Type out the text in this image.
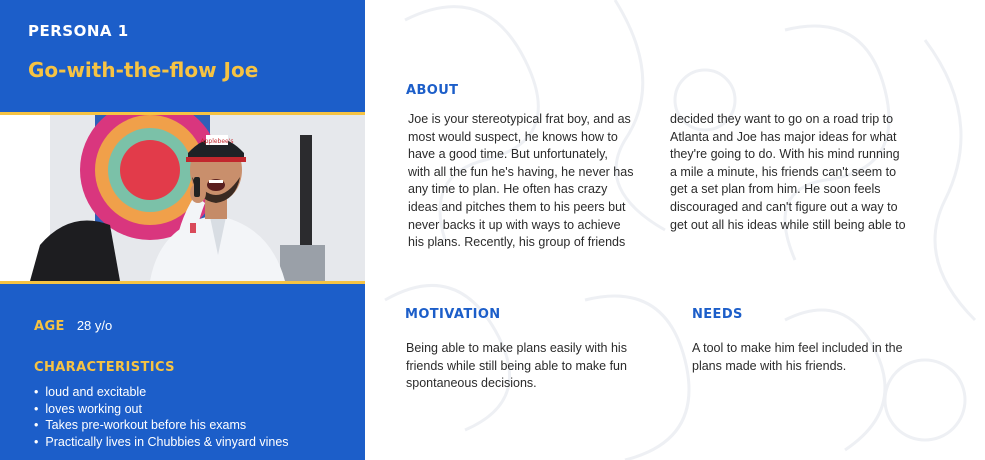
PERSONA 1
Go-with-the-flow Joe
Applebee's
AGE 28 y/o
CHARACTERISTICS
• loud and excitable
• loves working out
• Takes pre-workout before his exams
• Practically lives in Chubbies & vinyard vines
ABOUT
Joe is your stereotypical frat boy, and as
most would suspect, he knows how to
have a good time. But unfortunately,
with all the fun he's having, he never has
any time to plan. He often has crazy
ideas and pitches them to his peers but
never backs it up with ways to achieve
his plans. Recently, his group of friends
decided they want to go on a road trip to
Atlanta and Joe has major ideas for what
they're going to do. With his mind running
a mile a minute, his friends can't seem to
get a set plan from him. He soon feels
discouraged and can't figure out a way to
get out all his ideas while still being able to
MOTIVATION
Being able to make plans easily with his
friends while still being able to make fun
spontaneous decisions.
NEEDS
A tool to make him feel included in the
plans made with his friends.
